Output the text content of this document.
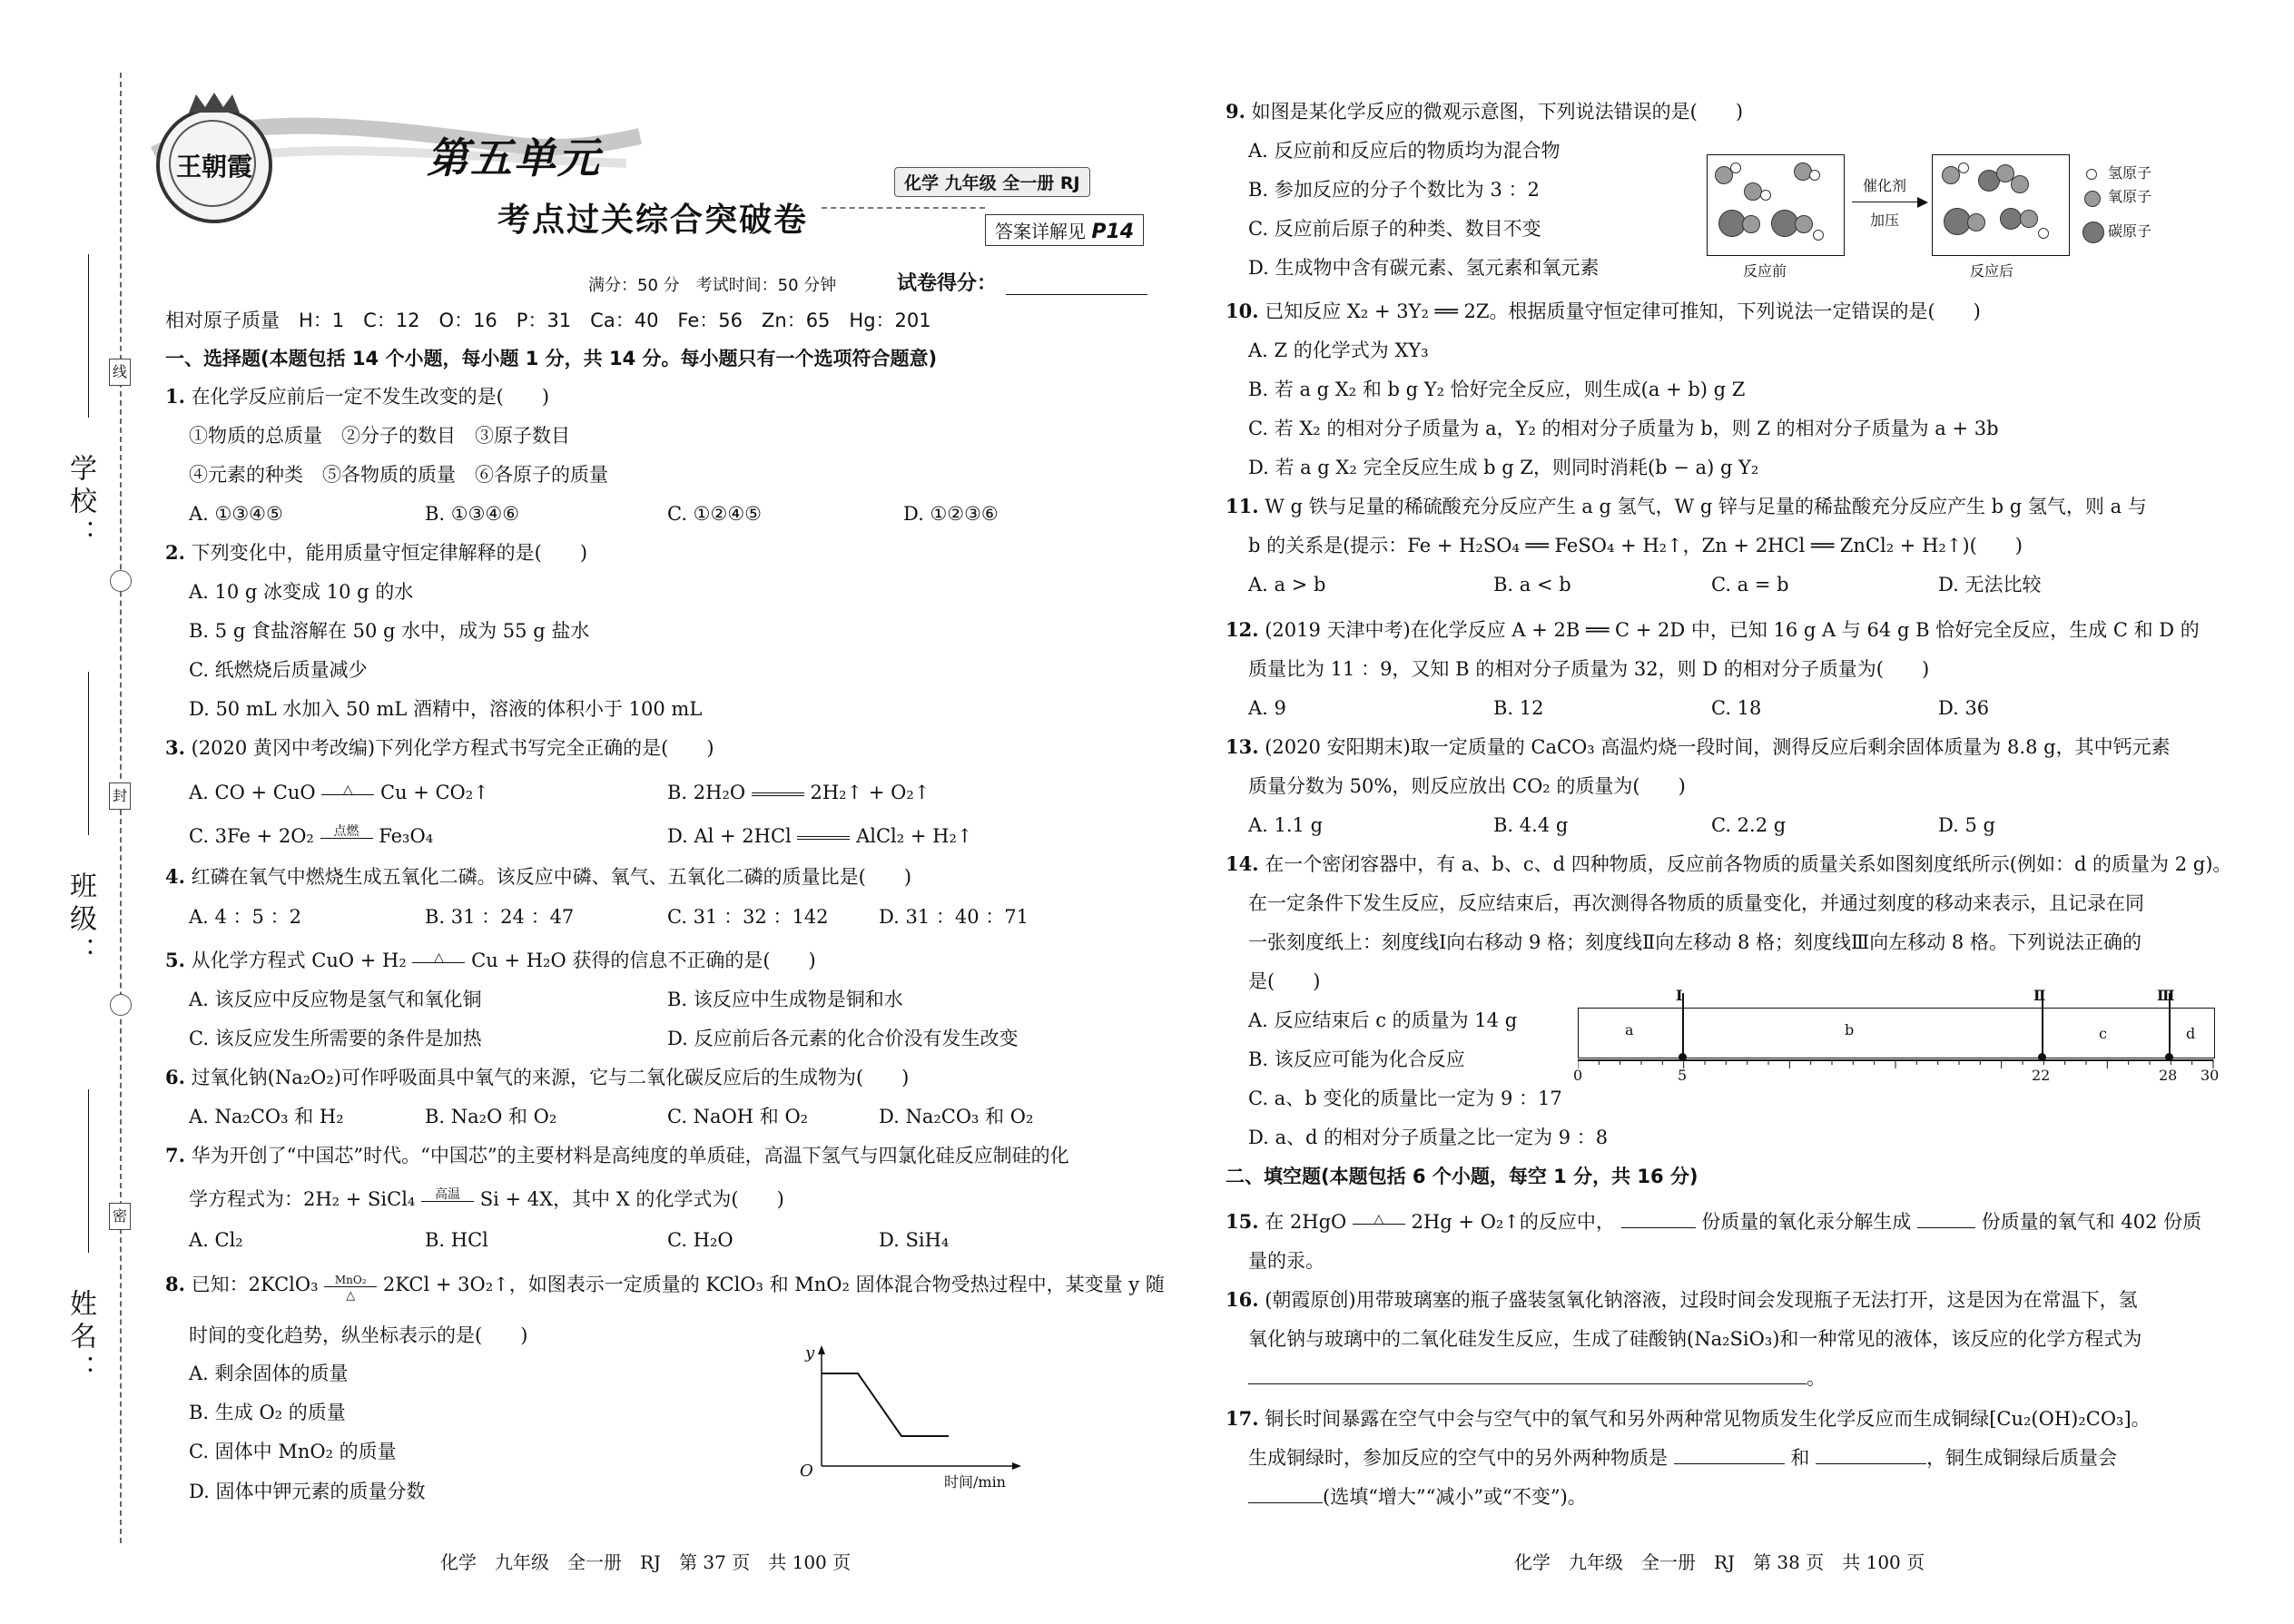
学校：
班级：
姓名：
线
封
密
王朝霞	第五单元
考点过关综合突破卷
化学 九年级 全一册 RJ
答案详解见 P14
满分：50 分　考试时间：50 分钟	试卷得分：
相对原子质量　H：1　C：12　O：16　P：31　Ca：40　Fe：56　Zn：65　Hg：201
一、选择题(本题包括 14 个小题，每小题 1 分，共 14 分。每小题只有一个选项符合题意)
1. 在化学反应前后一定不发生改变的是(　　)
①物质的总质量　②分子的数目　③原子数目
④元素的种类　⑤各物质的质量　⑥各原子的质量
A. ①③④⑤	B. ①③④⑥	C. ①②④⑤	D. ①②③⑥
2. 下列变化中，能用质量守恒定律解释的是(　　)
A. 10 g 冰变成 10 g 的水
B. 5 g 食盐溶解在 50 g 水中，成为 55 g 盐水
C. 纸燃烧后质量减少
D. 50 mL 水加入 50 mL 酒精中，溶液的体积小于 100 mL
3. (2020 黄冈中考改编)下列化学方程式书写完全正确的是(　　)
A. CO + CuO	△	Cu + CO₂↑	B. 2H₂O	2H₂↑ + O₂↑
C. 3Fe + 2O₂	点燃	Fe₃O₄	D. Al + 2HCl	AlCl₂ + H₂↑
4. 红磷在氧气中燃烧生成五氧化二磷。该反应中磷、氧气、五氧化二磷的质量比是(　　)
A. 4 ：5 ：2	B. 31 ：24 ：47	C. 31 ：32 ：142	D. 31 ：40 ：71
5. 从化学方程式 CuO + H₂	△	Cu + H₂O 获得的信息不正确的是(　　)
A. 该反应中反应物是氢气和氧化铜	B. 该反应中生成物是铜和水
C. 该反应发生所需要的条件是加热	D. 反应前后各元素的化合价没有发生改变
6. 过氧化钠(Na₂O₂)可作呼吸面具中氧气的来源，它与二氧化碳反应后的生成物为(　　)
A. Na₂CO₃ 和 H₂	B. Na₂O 和 O₂	C. NaOH 和 O₂	D. Na₂CO₃ 和 O₂
7. 华为开创了“中国芯”时代。“中国芯”的主要材料是高纯度的单质硅，高温下氢气与四氯化硅反应制硅的化
学方程式为：2H₂ + SiCl₄	高温	Si + 4X，其中 X 的化学式为(　　)
A. Cl₂	B. HCl	C. H₂O	D. SiH₄
8. 已知：2KClO₃	MnO₂
△	2KCl + 3O₂↑，如图表示一定质量的 KClO₃ 和 MnO₂ 固体混合物受热过程中，某变量 y 随
时间的变化趋势，纵坐标表示的是(　　)
A. 剩余固体的质量
B. 生成 O₂ 的质量
C. 固体中 MnO₂ 的质量
D. 固体中钾元素的质量分数
y
O
时间/min
化学　九年级　全一册　RJ　第 37 页　共 100 页
9. 如图是某化学反应的微观示意图，下列说法错误的是(　　)
A. 反应前和反应后的物质均为混合物
B. 参加反应的分子个数比为 3 ：2
C. 反应前后原子的种类、数目不变
D. 生成物中含有碳元素、氢元素和氧元素
催化剂
加压
反应前	反应后
氢原子
氧原子
碳原子
10. 已知反应 X₂ + 3Y₂ ══ 2Z。根据质量守恒定律可推知，下列说法一定错误的是(　　)
A. Z 的化学式为 XY₃
B. 若 a g X₂ 和 b g Y₂ 恰好完全反应，则生成(a + b) g Z
C. 若 X₂ 的相对分子质量为 a，Y₂ 的相对分子质量为 b，则 Z 的相对分子质量为 a + 3b
D. 若 a g X₂ 完全反应生成 b g Z，则同时消耗(b − a) g Y₂
11. W g 铁与足量的稀硫酸充分反应产生 a g 氢气，W g 锌与足量的稀盐酸充分反应产生 b g 氢气，则 a 与
b 的关系是(提示：Fe + H₂SO₄ ══ FeSO₄ + H₂↑，Zn + 2HCl ══ ZnCl₂ + H₂↑)(　　)
A. a > b	B. a < b	C. a = b	D. 无法比较
12. (2019 天津中考)在化学反应 A + 2B ══ C + 2D 中，已知 16 g A 与 64 g B 恰好完全反应，生成 C 和 D 的
质量比为 11 ：9，又知 B 的相对分子质量为 32，则 D 的相对分子质量为(　　)
A. 9	B. 12	C. 18	D. 36
13. (2020 安阳期末)取一定质量的 CaCO₃ 高温灼烧一段时间，测得反应后剩余固体质量为 8.8 g，其中钙元素
质量分数为 50%，则反应放出 CO₂ 的质量为(　　)
A. 1.1 g	B. 4.4 g	C. 2.2 g	D. 5 g
14. 在一个密闭容器中，有 a、b、c、d 四种物质，反应前各物质的质量关系如图刻度纸所示(例如：d 的质量为 2 g)。
在一定条件下发生反应，反应结束后，再次测得各物质的质量变化，并通过刻度的移动来表示，且记录在同
一张刻度纸上：刻度线Ⅰ向右移动 9 格；刻度线Ⅱ向左移动 8 格；刻度线Ⅲ向左移动 8 格。下列说法正确的
是(　　)
A. 反应结束后 c 的质量为 14 g
B. 该反应可能为化合反应
C. a、b 变化的质量比一定为 9 ：17
D. a、d 的相对分子质量之比一定为 9 ：8
Ⅰ	Ⅱ	Ⅲ
a	b	c	d
0	5	22	28 30
二、填空题(本题包括 6 个小题，每空 1 分，共 16 分)
15. 在 2HgO	△	2Hg + O₂↑的反应中，	份质量的氧化汞分解生成	份质量的氧气和 402 份质
量的汞。
16. (朝霞原创)用带玻璃塞的瓶子盛装氢氧化钠溶液，过段时间会发现瓶子无法打开，这是因为在常温下，氢
氧化钠与玻璃中的二氧化硅发生反应，生成了硅酸钠(Na₂SiO₃)和一种常见的液体，该反应的化学方程式为
。
17. 铜长时间暴露在空气中会与空气中的氧气和另外两种常见物质发生化学反应而生成铜绿[Cu₂(OH)₂CO₃]。
生成铜绿时，参加反应的空气中的另外两种物质是	和	，铜生成铜绿后质量会
(选填“增大”“减小”或“不变”)。
化学　九年级　全一册　RJ　第 38 页　共 100 页
